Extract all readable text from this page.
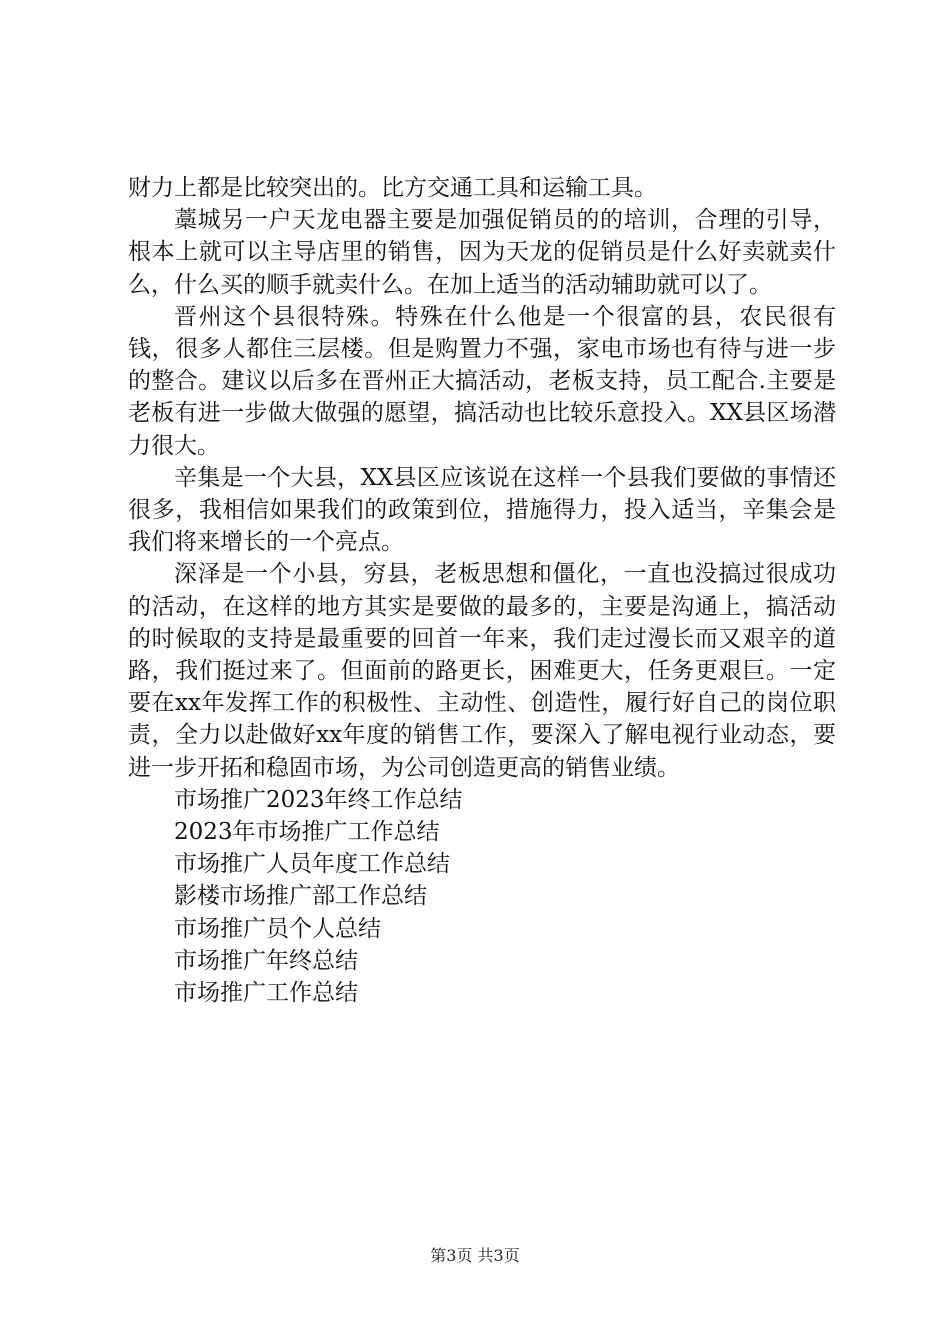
财力上都是比较突出的。比方交通工具和运输工具。

藁城另一户天龙电器主要是加强促销员的的培训，合理的引导，根本上就可以主导店里的销售，因为天龙的促销员是什么好卖就卖什么，什么买的顺手就卖什么。在加上适当的活动辅助就可以了。

晋州这个县很特殊。特殊在什么他是一个很富的县，农民很有钱，很多人都住三层楼。但是购置力不强，家电市场也有待与进一步的整合。建议以后多在晋州正大搞活动，老板支持，员工配合.主要是老板有进一步做大做强的愿望，搞活动也比较乐意投入。XX县区场潜力很大。

辛集是一个大县，XX县区应该说在这样一个县我们要做的事情还很多，我相信如果我们的政策到位，措施得力，投入适当，辛集会是我们将来增长的一个亮点。

深泽是一个小县，穷县，老板思想和僵化，一直也没搞过很成功的活动，在这样的地方其实是要做的最多的，主要是沟通上，搞活动的时候取的支持是最重要的回首一年来，我们走过漫长而又艰辛的道路，我们挺过来了。但面前的路更长，困难更大，任务更艰巨。一定要在xx年发挥工作的积极性、主动性、创造性，履行好自己的岗位职责，全力以赴做好xx年度的销售工作，要深入了解电视行业动态，要进一步开拓和稳固市场，为公司创造更高的销售业绩。

市场推广2023年终工作总结
2023年市场推广工作总结
市场推广人员年度工作总结
影楼市场推广部工作总结
市场推广员个人总结
市场推广年终总结
市场推广工作总结
第3页 共3页
